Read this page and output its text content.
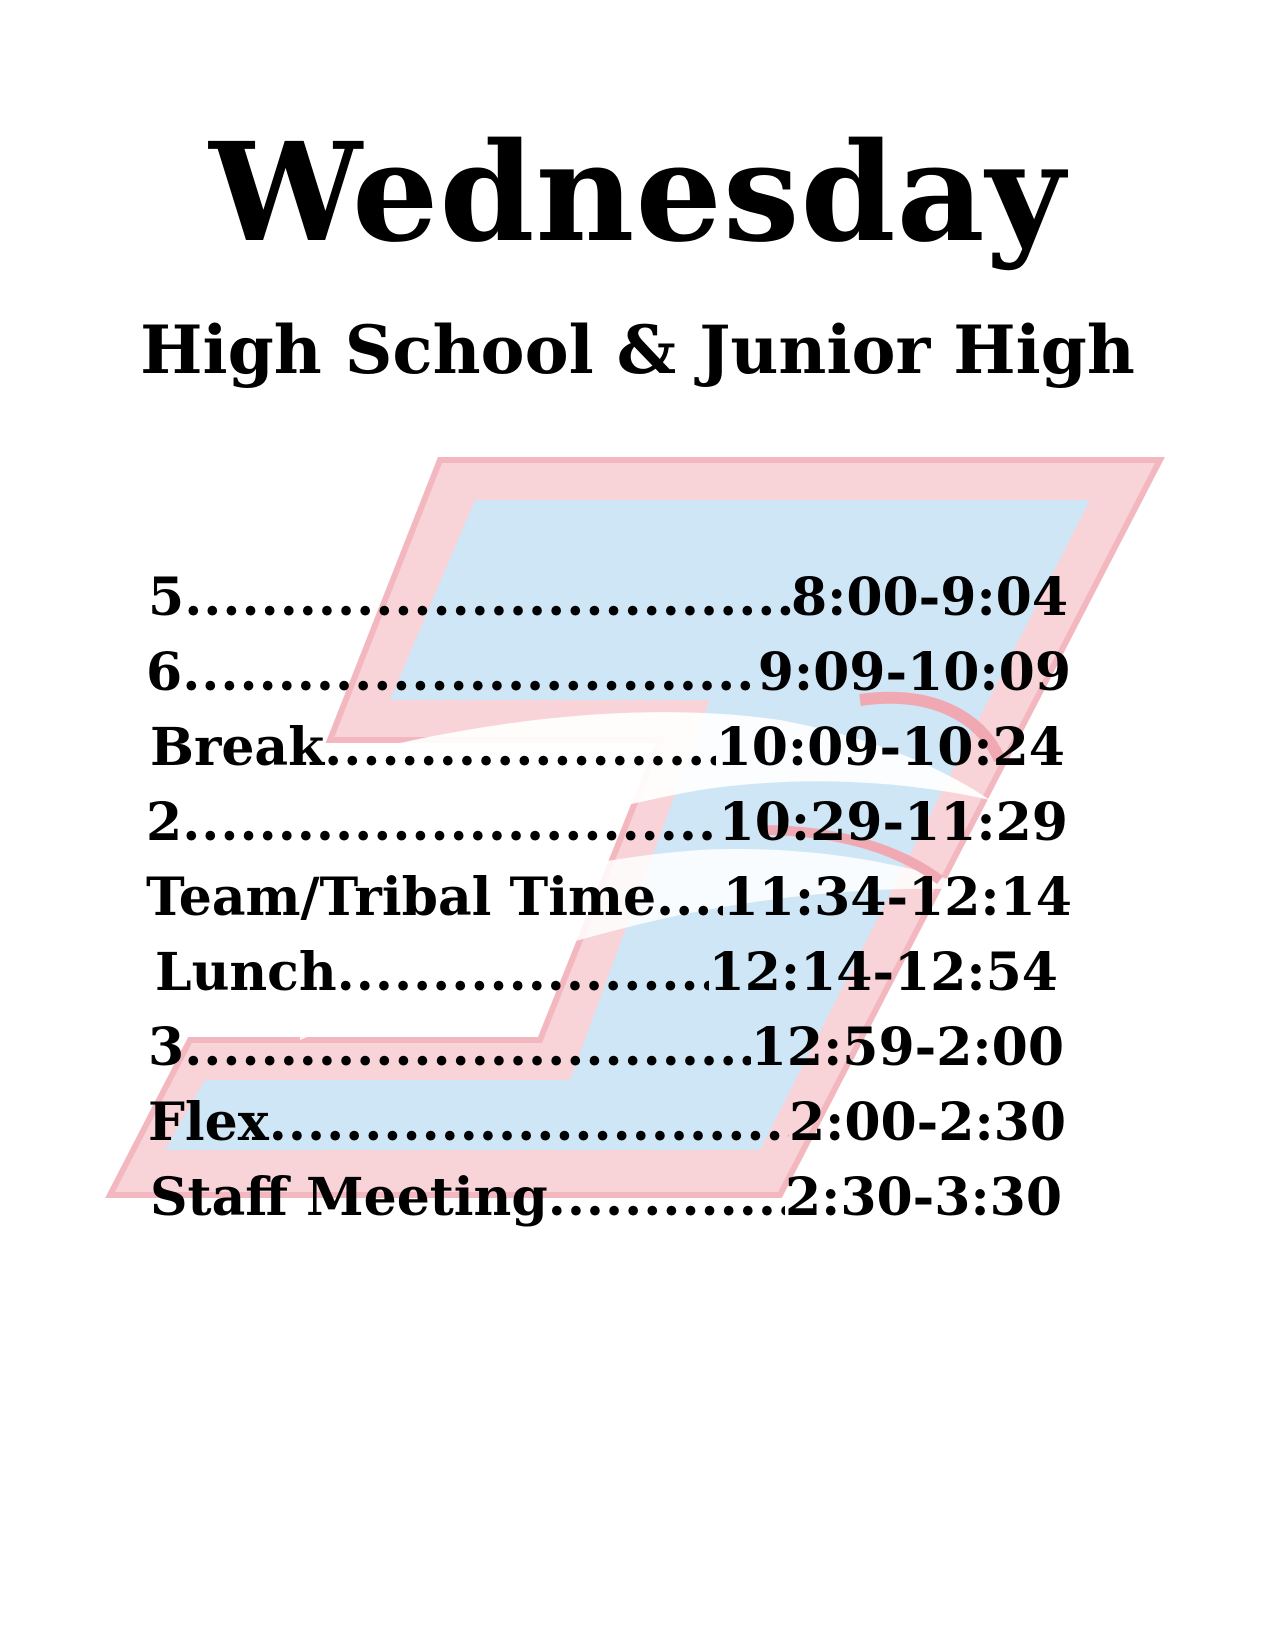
Wednesday
High School & Junior High
5 .....	8:00-9:04
6 .....	9:09-10:09
Break .....	10:09-10:24
2 .....	10:29-11:29
Team/Tribal Time ..... 11:34-12:14
Lunch .....	12:14-12:54
3 .....	12:59-2:00
Flex .....	2:00-2:30
Staff Meeting .....	2:30-3:30
